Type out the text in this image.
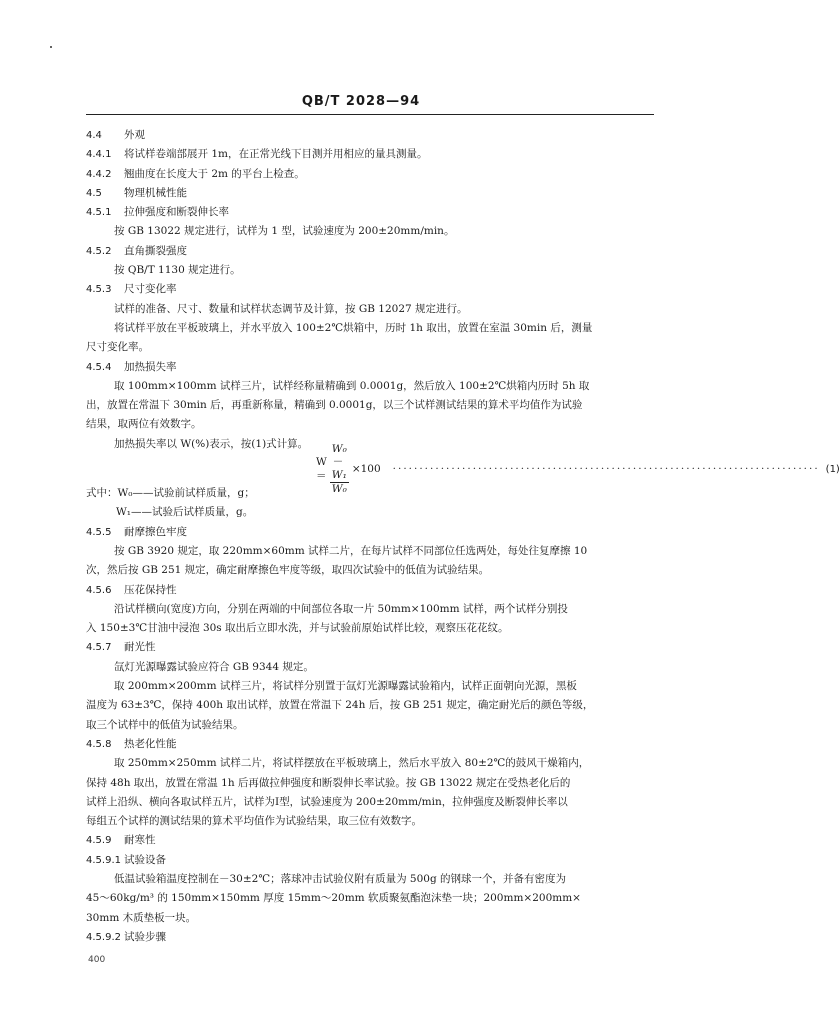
QB/T 2028—94
4.4 外观
4.4.1 将试样卷端部展开 1m，在正常光线下目测并用相应的量具测量。
4.4.2 翘曲度在长度大于 2m 的平台上检查。
4.5 物理机械性能
4.5.1 拉伸强度和断裂伸长率
按 GB 13022 规定进行，试样为 1 型，试验速度为 200±20mm/min。
4.5.2 直角撕裂强度
按 QB/T 1130 规定进行。
4.5.3 尺寸变化率
试样的准备、尺寸、数量和试样状态调节及计算，按 GB 12027 规定进行。
将试样平放在平板玻璃上，并水平放入 100±2℃烘箱中，历时 1h 取出，放置在室温 30min 后，测量
尺寸变化率。
4.5.4 加热损失率
取 100mm×100mm 试样三片，试样经称量精确到 0.0001g，然后放入 100±2℃烘箱内历时 5h 取
出，放置在常温下 30min 后，再重新称量，精确到 0.0001g，以三个试样测试结果的算术平均值作为试验
结果，取两位有效数字。
加热损失率以 W(%)表示，按(1)式计算。
$W= \frac{\text{W₀－W₁}}{\text{W₀}} \times 100$ ················································································ (1)
式中：W₀——试验前试样质量，g；
W₁——试验后试样质量，g。
4.5.5 耐摩擦色牢度
按 GB 3920 规定，取 220mm×60mm 试样二片，在每片试样不同部位任选两处，每处往复摩擦 10
次，然后按 GB 251 规定，确定耐摩擦色牢度等级，取四次试验中的低值为试验结果。
4.5.6 压花保持性
沿试样横向(宽度)方向，分别在两端的中间部位各取一片 50mm×100mm 试样，两个试样分别投
入 150±3℃甘油中浸泡 30s 取出后立即水洗，并与试验前原始试样比较，观察压花花纹。
4.5.7 耐光性
氙灯光源曝露试验应符合 GB 9344 规定。
取 200mm×200mm 试样三片，将试样分别置于氙灯光源曝露试验箱内，试样正面朝向光源，黑板
温度为 63±3℃，保持 400h 取出试样，放置在常温下 24h 后，按 GB 251 规定，确定耐光后的颜色等级，
取三个试样中的低值为试验结果。
4.5.8 热老化性能
取 250mm×250mm 试样二片，将试样摆放在平板玻璃上，然后水平放入 80±2℃的鼓风干燥箱内，
保持 48h 取出，放置在常温 1h 后再做拉伸强度和断裂伸长率试验。按 GB 13022 规定在受热老化后的
试样上沿纵、横向各取试样五片，试样为Ⅰ型，试验速度为 200±20mm/min，拉伸强度及断裂伸长率以
每组五个试样的测试结果的算术平均值作为试验结果，取三位有效数字。
4.5.9 耐寒性
4.5.9.1 试验设备
低温试验箱温度控制在－30±2℃；落球冲击试验仪附有质量为 500g 的钢球一个，并备有密度为
45～60kg/m³ 的 150mm×150mm 厚度 15mm～20mm 软质聚氨酯泡沫垫一块；200mm×200mm×
30mm 木质垫板一块。
4.5.9.2 试验步骤
400
